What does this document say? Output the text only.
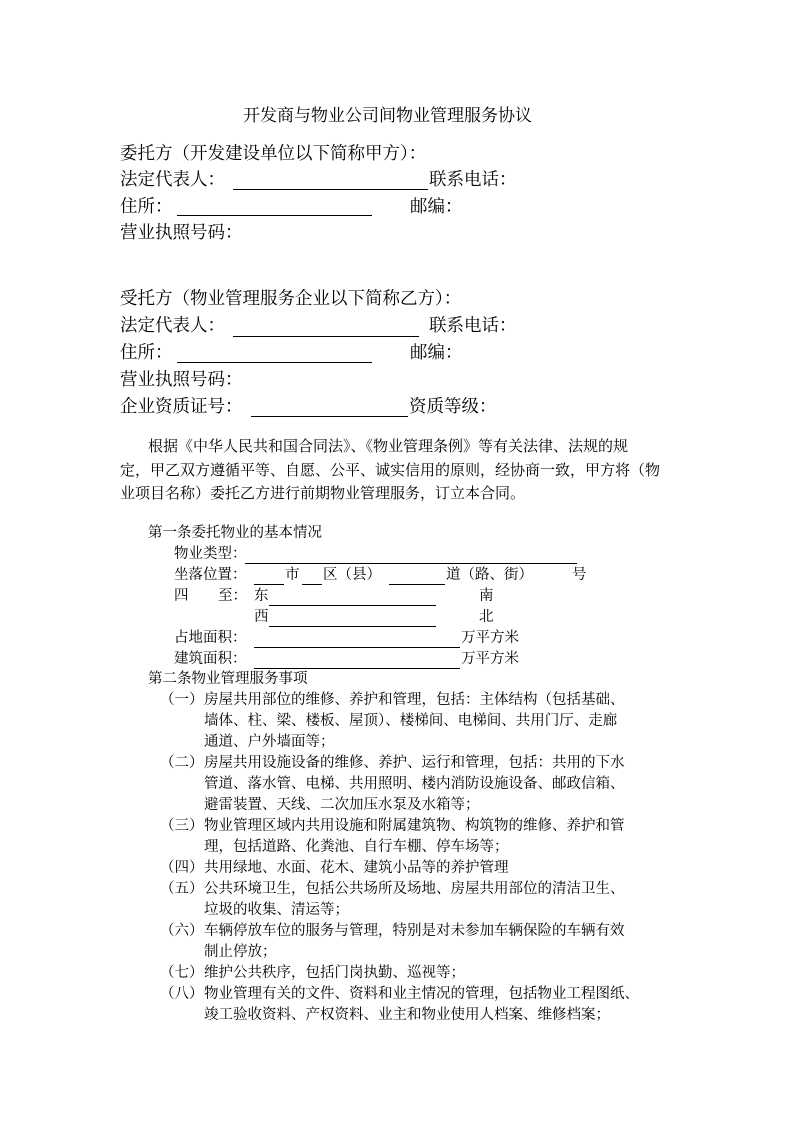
开发商与物业公司间物业管理服务协议
委托方（开发建设单位以下简称甲方）：
法定代表人：	联系电话：
住所：	邮编：
营业执照号码：
受托方（物业管理服务企业以下简称乙方）：
法定代表人：	联系电话：
住所：	邮编：
营业执照号码：
企业资质证号：	资质等级：
根据《中华人民共和国合同法》、《物业管理条例》等有关法律、法规的规
定，甲乙双方遵循平等、自愿、公平、诚实信用的原则，经协商一致，甲方将（物
业项目名称）委托乙方进行前期物业管理服务，订立本合同。
第一条委托物业的基本情况
物业类型：
坐落位置：	市 区（县）	道（路、街）	号
四 至： 东	南
西	北
占地面积：	万平方米
建筑面积：	万平方米
第二条物业管理服务事项
（一） 房屋共用部位的维修、养护和管理，包括：主体结构（包括基础、
墙体、柱、梁、楼板、屋顶）、楼梯间、电梯间、共用门厅、走廊
通道、户外墙面等；
（二） 房屋共用设施设备的维修、养护、运行和管理，包括：共用的下水
管道、落水管、电梯、共用照明、楼内消防设施设备、邮政信箱、
避雷装置、天线、二次加压水泵及水箱等；
（三） 物业管理区域内共用设施和附属建筑物、构筑物的维修、养护和管
理，包括道路、化粪池、自行车棚、停车场等；
（四） 共用绿地、水面、花木、建筑小品等的养护管理
（五） 公共环境卫生，包括公共场所及场地、房屋共用部位的清洁卫生、
垃圾的收集、清运等；
（六） 车辆停放车位的服务与管理，特别是对未参加车辆保险的车辆有效
制止停放；
（七） 维护公共秩序，包括门岗执勤、巡视等；
（八） 物业管理有关的文件、资料和业主情况的管理，包括物业工程图纸、
竣工验收资料、产权资料、业主和物业使用人档案、维修档案；
